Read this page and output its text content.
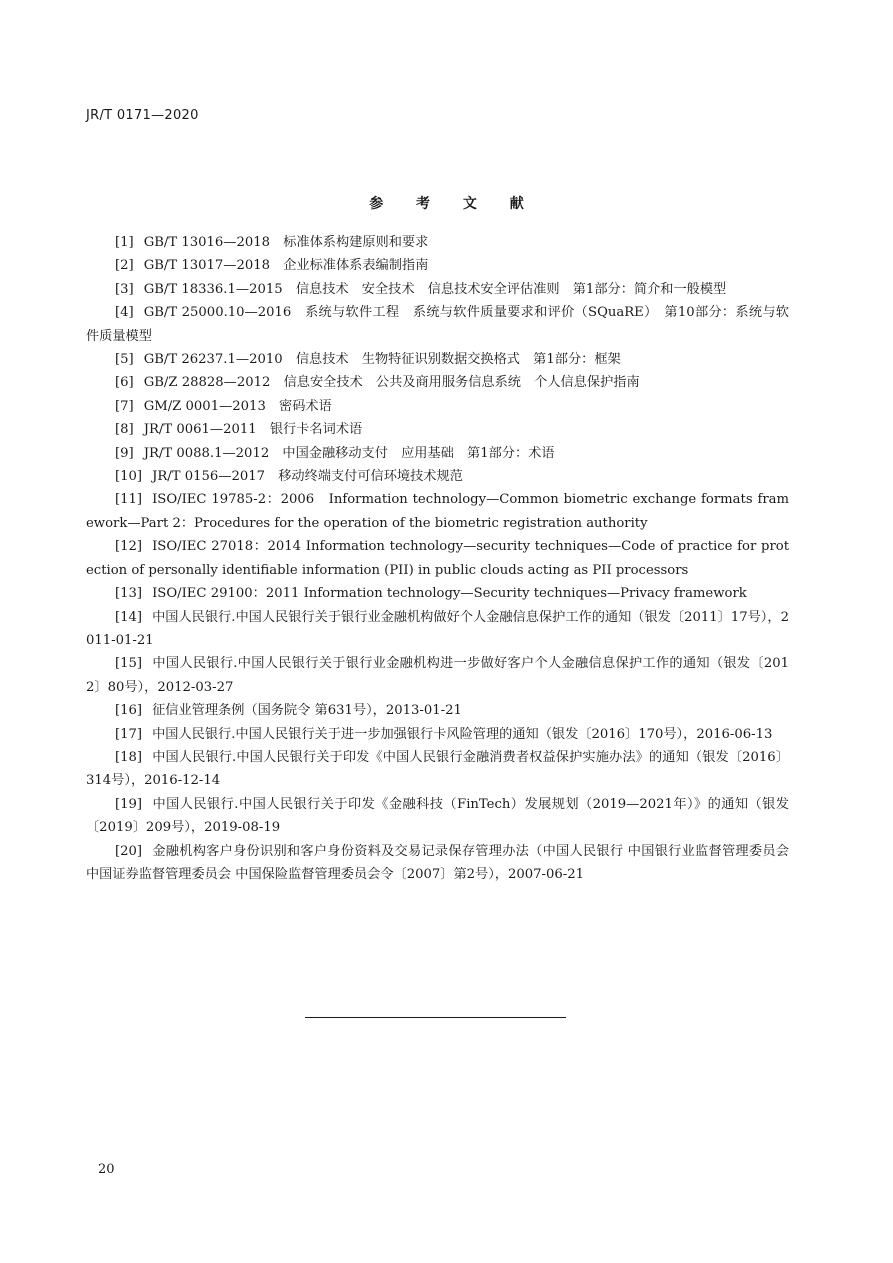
JR/T 0171—2020
参 考 文 献
[1] GB/T 13016—2018　标准体系构建原则和要求
[2] GB/T 13017—2018　企业标准体系表编制指南
[3] GB/T 18336.1—2015　信息技术　安全技术　信息技术安全评估准则　第1部分：简介和一般模型
[4] GB/T 25000.10—2016　系统与软件工程　系统与软件质量要求和评价（SQuaRE）　第10部分：系统与软件质量模型
[5] GB/T 26237.1—2010　信息技术　生物特征识别数据交换格式　第1部分：框架
[6] GB/Z 28828—2012　信息安全技术　公共及商用服务信息系统　个人信息保护指南
[7] GM/Z 0001—2013　密码术语
[8] JR/T 0061—2011　银行卡名词术语
[9] JR/T 0088.1—2012　中国金融移动支付　应用基础　第1部分：术语
[10] JR/T 0156—2017　移动终端支付可信环境技术规范
[11] ISO/IEC 19785-2：2006　Information technology—Common biometric exchange formats framework—Part 2：Procedures for the operation of the biometric registration authority
[12] ISO/IEC 27018：2014 Information technology—security techniques—Code of practice for protection of personally identifiable information (PII) in public clouds acting as PII processors
[13] ISO/IEC 29100：2011 Information technology—Security techniques—Privacy framework
[14] 中国人民银行.中国人民银行关于银行业金融机构做好个人金融信息保护工作的通知（银发〔2011〕17号），2011-01-21
[15] 中国人民银行.中国人民银行关于银行业金融机构进一步做好客户个人金融信息保护工作的通知（银发〔2012〕80号），2012-03-27
[16] 征信业管理条例（国务院令 第631号），2013-01-21
[17] 中国人民银行.中国人民银行关于进一步加强银行卡风险管理的通知（银发〔2016〕170号），2016-06-13
[18] 中国人民银行.中国人民银行关于印发《中国人民银行金融消费者权益保护实施办法》的通知（银发〔2016〕314号），2016-12-14
[19] 中国人民银行.中国人民银行关于印发《金融科技（FinTech）发展规划（2019—2021年）》的通知（银发〔2019〕209号），2019-08-19
[20] 金融机构客户身份识别和客户身份资料及交易记录保存管理办法（中国人民银行 中国银行业监督管理委员会 中国证券监督管理委员会 中国保险监督管理委员会令〔2007〕第2号），2007-06-21
20
